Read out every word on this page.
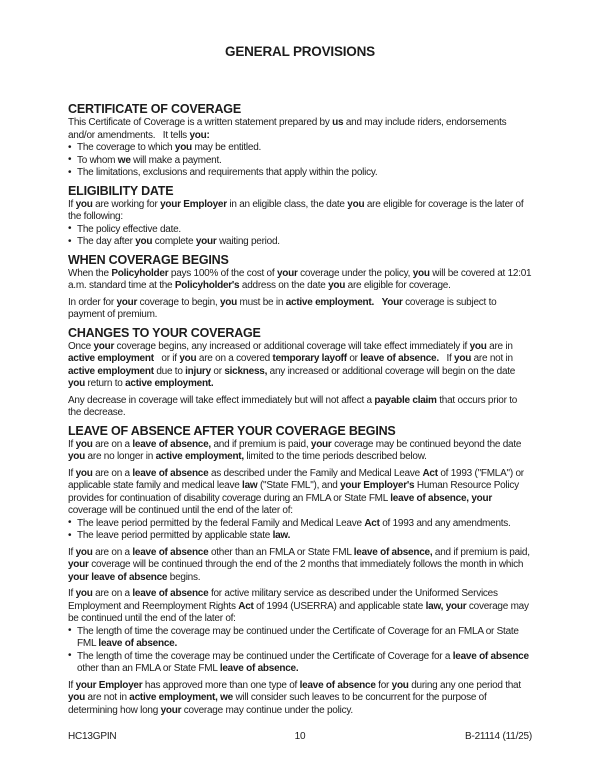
GENERAL PROVISIONS
CERTIFICATE OF COVERAGE

This Certificate of Coverage is a written statement prepared by us and may include riders, endorsements and/or amendments.   It tells you:

• The coverage to which you may be entitled.
• To whom we will make a payment.
• The limitations, exclusions and requirements that apply within the policy.
ELIGIBILITY DATE

If you are working for your Employer in an eligible class, the date you are eligible for coverage is the later of the following:

• The policy effective date.
• The day after you complete your waiting period.
WHEN COVERAGE BEGINS

When the Policyholder pays 100% of the cost of your coverage under the policy, you will be covered at 12:01 a.m. standard time at the Policyholder's address on the date you are eligible for coverage.

In order for your coverage to begin, you must be in active employment. Your coverage is subject to payment of premium.

CHANGES TO YOUR COVERAGE

Once your coverage begins, any increased or additional coverage will take effect immediately if you are in active employment   or if you are on a covered temporary layoff or leave of absence.   If you are not in active employment due to injury or sickness, any increased or additional coverage will begin on the date you return to active employment.

Any decrease in coverage will take effect immediately but will not affect a payable claim that occurs prior to the decrease.

LEAVE OF ABSENCE AFTER YOUR COVERAGE BEGINS

If you are on a leave of absence, and if premium is paid, your coverage may be continued beyond the date you are no longer in active employment, limited to the time periods described below.

If you are on a leave of absence as described under the Family and Medical Leave Act of 1993 ("FMLA") or applicable state family and medical leave law ("State FML"), and your Employer's Human Resource Policy provides for continuation of disability coverage during an FMLA or State FML leave of absence, your coverage will be continued until the end of the later of:

• The leave period permitted by the federal Family and Medical Leave Act of 1993 and any amendments.
• The leave period permitted by applicable state law.

If you are on a leave of absence other than an FMLA or State FML leave of absence, and if premium is paid, your coverage will be continued through the end of the 2 months that immediately follows the month in which your leave of absence begins.

If you are on a leave of absence for active military service as described under the Uniformed Services Employment and Reemployment Rights Act of 1994 (USERRA) and applicable state law, your coverage may be continued until the end of the later of:

• The length of time the coverage may be continued under the Certificate of Coverage for an FMLA or State FML leave of absence.
• The length of time the coverage may be continued under the Certificate of Coverage for a leave of absence other than an FMLA or State FML leave of absence.

If your Employer has approved more than one type of leave of absence for you during any one period that you are not in active employment, we will consider such leaves to be concurrent for the purpose of determining how long your coverage may continue under the policy.

HC13GPIN	10	B-21114 (11/25)
